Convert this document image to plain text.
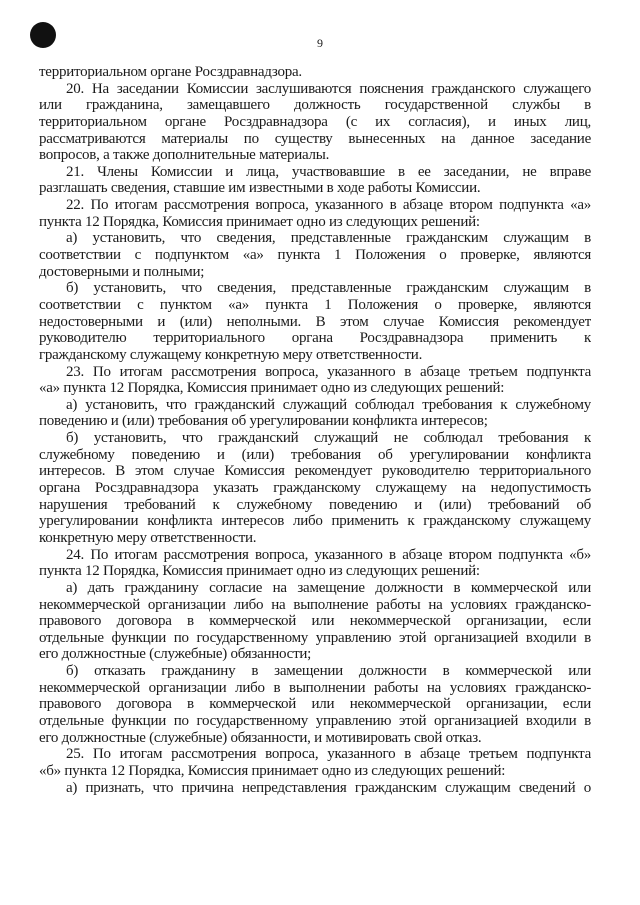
9
территориальном органе Росздравнадзора.
20. На заседании Комиссии заслушиваются пояснения гражданского служащего
или гражданина, замещавшего должность государственной службы в
территориальном органе Росздравнадзора (с их согласия), и иных лиц,
рассматриваются материалы по существу вынесенных на данное заседание
вопросов, а также дополнительные материалы.
21. Члены Комиссии и лица, участвовавшие в ее заседании, не вправе
разглашать сведения, ставшие им известными в ходе работы Комиссии.
22. По итогам рассмотрения вопроса, указанного в абзаце втором подпункта «а»
пункта 12 Порядка, Комиссия принимает одно из следующих решений:
а) установить, что сведения, представленные гражданским служащим в
соответствии с подпунктом «а» пункта 1 Положения о проверке, являются
достоверными и полными;
б) установить, что сведения, представленные гражданским служащим в
соответствии с пунктом «а» пункта 1 Положения о проверке, являются
недостоверными и (или) неполными. В этом случае Комиссия рекомендует
руководителю территориального органа Росздравнадзора применить к
гражданскому служащему конкретную меру ответственности.
23. По итогам рассмотрения вопроса, указанного в абзаце третьем подпункта
«а» пункта 12 Порядка, Комиссия принимает одно из следующих решений:
а) установить, что гражданский служащий соблюдал требования к служебному
поведению и (или) требования об урегулировании конфликта интересов;
б) установить, что гражданский служащий не соблюдал требования к
служебному поведению и (или) требования об урегулировании конфликта
интересов. В этом случае Комиссия рекомендует руководителю территориального
органа Росздравнадзора указать гражданскому служащему на недопустимость
нарушения требований к служебному поведению и (или) требований об
урегулировании конфликта интересов либо применить к гражданскому служащему
конкретную меру ответственности.
24. По итогам рассмотрения вопроса, указанного в абзаце втором подпункта «б»
пункта 12 Порядка, Комиссия принимает одно из следующих решений:
а) дать гражданину согласие на замещение должности в коммерческой или
некоммерческой организации либо на выполнение работы на условиях гражданско-
правового договора в коммерческой или некоммерческой организации, если
отдельные функции по государственному управлению этой организацией входили в
его должностные (служебные) обязанности;
б) отказать гражданину в замещении должности в коммерческой или
некоммерческой организации либо в выполнении работы на условиях гражданско-
правового договора в коммерческой или некоммерческой организации, если
отдельные функции по государственному управлению этой организацией входили в
его должностные (служебные) обязанности, и мотивировать свой отказ.
25. По итогам рассмотрения вопроса, указанного в абзаце третьем подпункта
«б» пункта 12 Порядка, Комиссия принимает одно из следующих решений:
а) признать, что причина непредставления гражданским служащим сведений о
